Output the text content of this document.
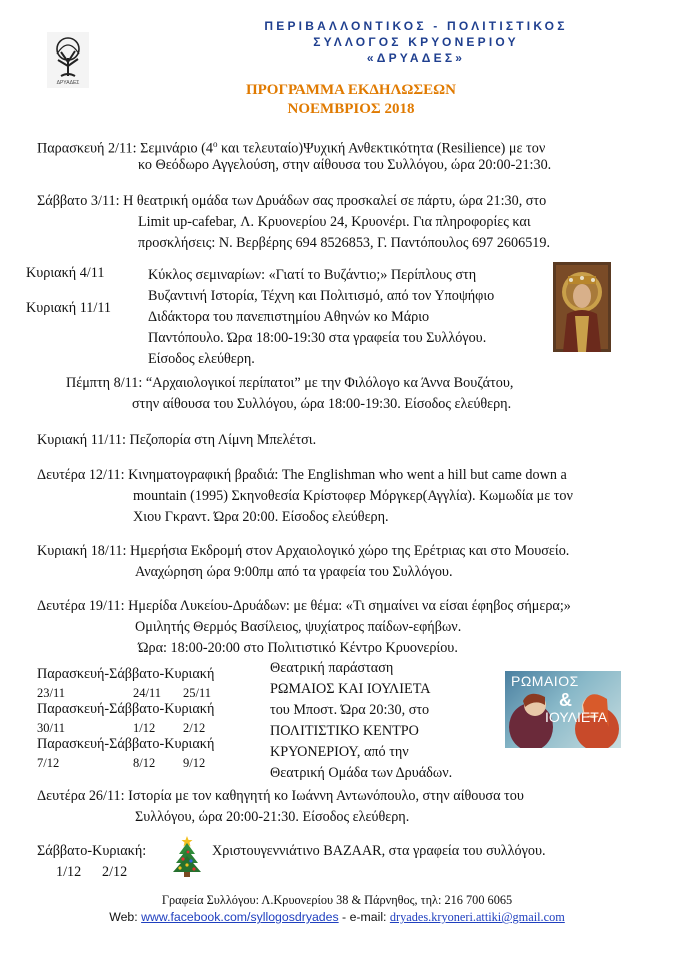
ΔΡΥΑΔΕΣ
ΠΕΡΙΒΑΛΛΟΝΤΙΚΟΣ - ΠΟΛΙΤΙΣΤΙΚΟΣ
ΣΥΛΛΟΓΟΣ ΚΡΥΟΝΕΡΙΟΥ
«ΔΡΥΑΔΕΣ»
ΠΡΟΓΡΑΜΜΑ ΕΚΔΗΛΩΣΕΩΝ
ΝΟΕΜΒΡΙΟΣ 2018
Παρασκευή 2/11: Σεμινάριο ($4^o$ και τελευταίο)Ψυχική Ανθεκτικότητα (Resilience) με τον
κο Θεόδωρο Αγγελούση, στην αίθουσα του Συλλόγου, ώρα 20:00-21:30.
Σάββατο 3/11: Η θεατρική ομάδα των Δρυάδων σας προσκαλεί σε πάρτυ, ώρα 21:30, στο
Limit up-cafebar, Λ. Κρυονερίου 24, Κρυονέρι. Για πληροφορίες και
προσκλήσεις: Ν. Βερβέρης 694 8526853, Γ. Παντόπουλος 697 2606519.
Κυριακή 4/11
Κυριακή 11/11
Κύκλος σεμιναρίων: «Γιατί το Βυζάντιο;» Περίπλους στη
Βυζαντινή Ιστορία, Τέχνη και Πολιτισμό, από τον Υποψήφιο
Διδάκτορα του πανεπιστημίου Αθηνών κο Μάριο
Παντόπουλο. Ώρα 18:00-19:30 στα γραφεία του Συλλόγου.
Είσοδος ελεύθερη.
Πέμπτη 8/11: “Αρχαιολογικοί περίπατοι” με την Φιλόλογο κα Άννα Βουζάτου,
στην αίθουσα του Συλλόγου, ώρα 18:00-19:30. Είσοδος ελεύθερη.
Κυριακή 11/11: Πεζοπορία στη Λίμνη Μπελέτσι.
Δευτέρα 12/11: Κινηματογραφική βραδιά: The Englishman who went a hill but came down a
mountain (1995) Σκηνοθεσία Κρίστοφερ Μόργκερ(Αγγλία). Κωμωδία με τον
Χιου Γκραντ. Ώρα 20:00. Είσοδος ελεύθερη.
Κυριακή 18/11: Ημερήσια Εκδρομή στον Αρχαιολογικό χώρο της Ερέτριας και στο Μουσείο.
Αναχώρηση ώρα 9:00πμ από τα γραφεία του Συλλόγου.
Δευτέρα 19/11: Ημερίδα Λυκείου-Δρυάδων: με θέμα: «Τι σημαίνει να είσαι έφηβος σήμερα;»
Ομιλητής Θερμός Βασίλειος, ψυχίατρος παίδων-εφήβων.
Ώρα: 18:00-20:00 στο Πολιτιστικό Κέντρο Κρυονερίου.
Παρασκευή-Σάββατο-Κυριακή
23/11	24/11 25/11
Παρασκευή-Σάββατο-Κυριακή
30/11	1/12 2/12
Παρασκευή-Σάββατο-Κυριακή
7/12	8/12 9/12
Θεατρική παράσταση
ΡΩΜΑΙΟΣ ΚΑΙ ΙΟΥΛΙΕΤΑ
του Μποστ. Ώρα 20:30, στο
ΠΟΛΙΤΙΣΤΙΚΟ ΚΕΝΤΡΟ
ΚΡΥΟΝΕΡΙΟΥ, από την
Θεατρική Ομάδα των Δρυάδων.
ΡΩΜΑΙΟΣ
&
ΙΟΥΛΙΕΤΑ
Δευτέρα 26/11: Ιστορία με τον καθηγητή κο Ιωάννη Αντωνόπουλο, στην αίθουσα του
Συλλόγου, ώρα 20:00-21:30. Είσοδος ελεύθερη.
Σάββατο-Κυριακή:
1/12 2/12
Χριστουγεννιάτινο BAZAAR, στα γραφεία του συλλόγου.
Γραφεία Συλλόγου: Λ.Κρυονερίου 38 & Πάρνηθος, τηλ: 216 700 6065
Web: www.facebook.com/syllogosdryades - e-mail: dryades.kryoneri.attiki@gmail.com
